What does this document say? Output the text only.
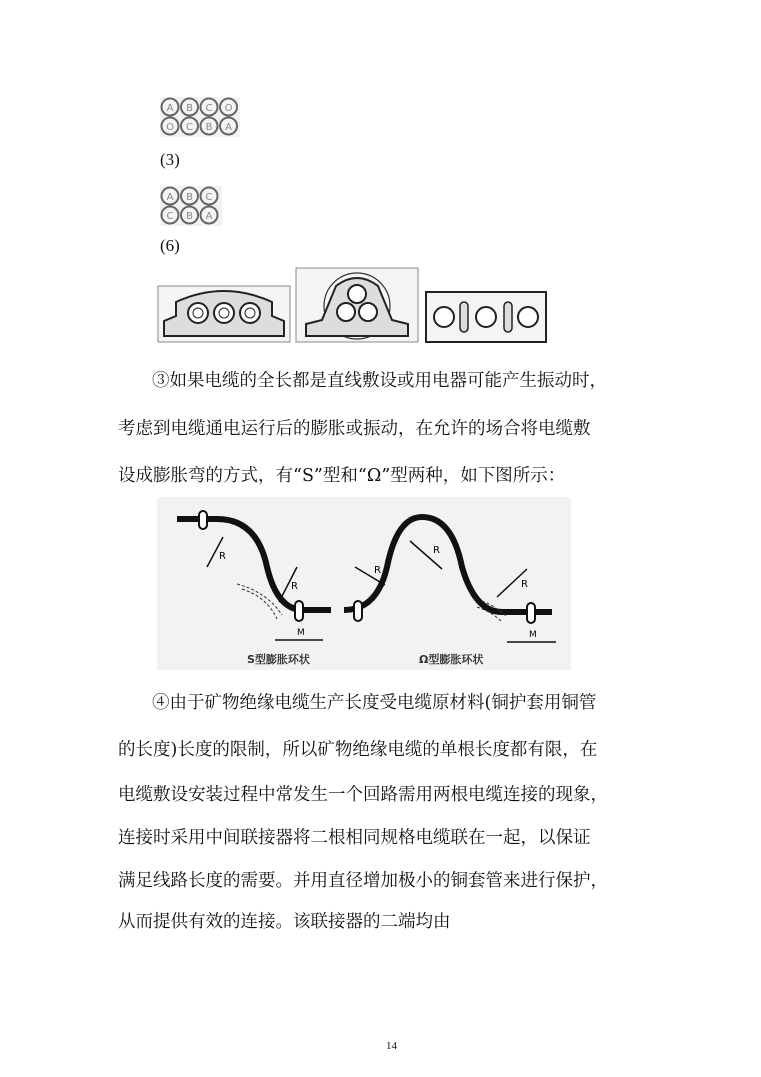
A B C O
O C B A
(3)
A B C
C B A
(6)
③如果电缆的全长都是直线敷设或用电器可能产生振动时，
考虑到电缆通电运行后的膨胀或振动，在允许的场合将电缆敷
设成膨胀弯的方式，有“S”型和“Ω”型两种，如下图所示：
R
R
M
R
R
R
M
S型膨胀环状	Ω型膨胀环状
④由于矿物绝缘电缆生产长度受电缆原材料(铜护套用铜管
的长度)长度的限制，所以矿物绝缘电缆的单根长度都有限，在
电缆敷设安装过程中常发生一个回路需用两根电缆连接的现象，
连接时采用中间联接器将二根相同规格电缆联在一起，以保证
满足线路长度的需要。并用直径增加极小的铜套管来进行保护，
从而提供有效的连接。该联接器的二端均由
14
